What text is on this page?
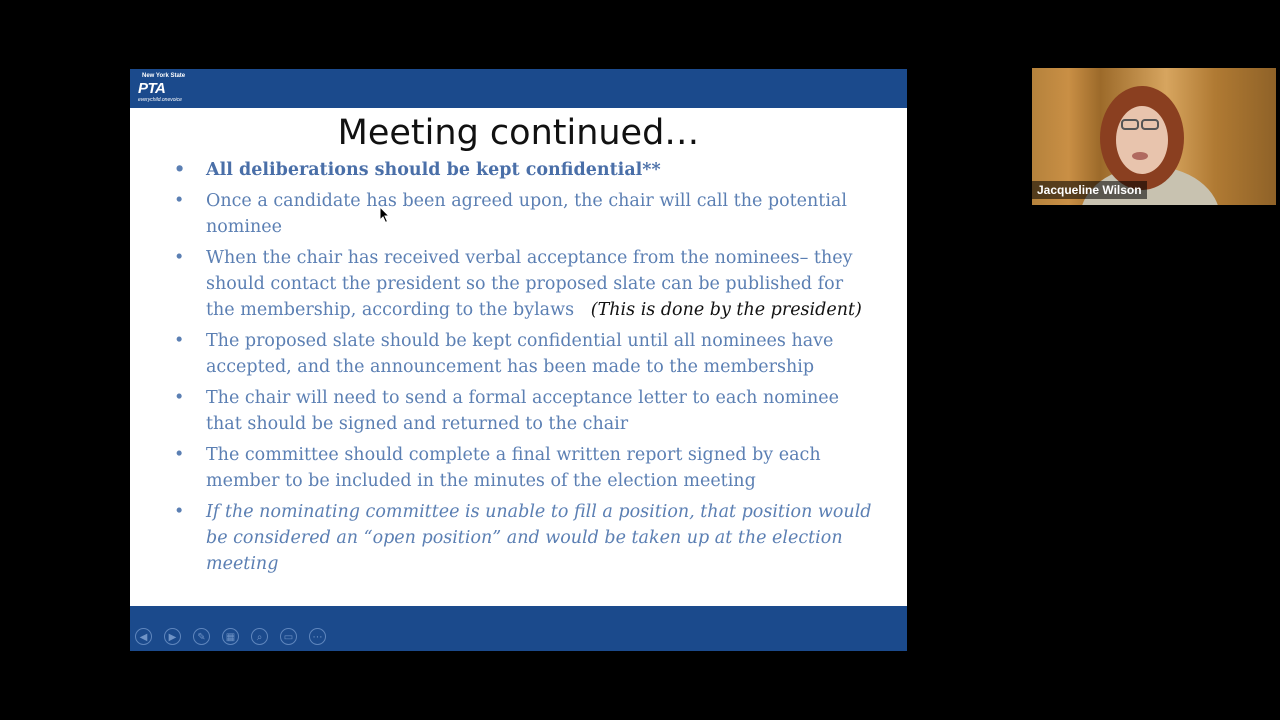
New York State
PTA
everychild.onevoice
Meeting continued…
• All deliberations should be kept confidential**
• Once a candidate has been agreed upon, the chair will call the potential nominee
• When the chair has received verbal acceptance from the nominees– they should contact the president so the proposed slate can be published for the membership, according to the bylaws (This is done by the president)
• The proposed slate should be kept confidential until all nominees have accepted, and the announcement has been made to the membership
• The chair will need to send a formal acceptance letter to each nominee that should be signed and returned to the chair
• The committee should complete a final written report signed by each member to be included in the minutes of the election meeting
• If the nominating committee is unable to fill a position, that position would be considered an “open position” and would be taken up at the election meeting
◀	▶	✎	▦	⌕	▭	⋯
Jacqueline Wilson
